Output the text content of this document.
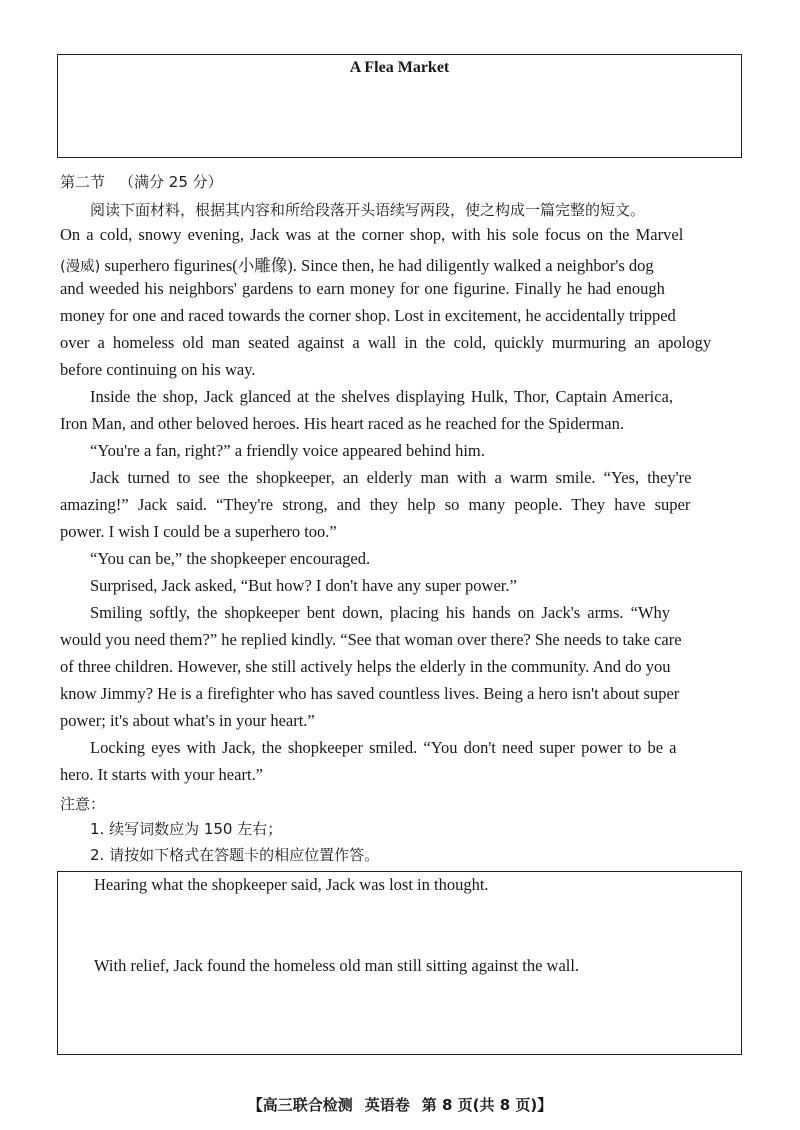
A Flea Market
第二节 （满分 25 分）
阅读下面材料，根据其内容和所给段落开头语续写两段，使之构成一篇完整的短文。
On a cold, snowy evening, Jack was at the corner shop, with his sole focus on the Marvel
(漫威) superhero figurines(小雕像). Since then, he had diligently walked a neighbor's dog
and weeded his neighbors' gardens to earn money for one figurine. Finally he had enough
money for one and raced towards the corner shop. Lost in excitement, he accidentally tripped
over a homeless old man seated against a wall in the cold, quickly murmuring an apology
before continuing on his way.
Inside the shop, Jack glanced at the shelves displaying Hulk, Thor, Captain America,
Iron Man, and other beloved heroes. His heart raced as he reached for the Spiderman.
“You're a fan, right?” a friendly voice appeared behind him.
Jack turned to see the shopkeeper, an elderly man with a warm smile. “Yes, they're
amazing!” Jack said. “They're strong, and they help so many people. They have super
power. I wish I could be a superhero too.”
“You can be,” the shopkeeper encouraged.
Surprised, Jack asked, “But how? I don't have any super power.”
Smiling softly, the shopkeeper bent down, placing his hands on Jack's arms. “Why
would you need them?” he replied kindly. “See that woman over there? She needs to take care
of three children. However, she still actively helps the elderly in the community. And do you
know Jimmy? He is a firefighter who has saved countless lives. Being a hero isn't about super
power; it's about what's in your heart.”
Locking eyes with Jack, the shopkeeper smiled. “You don't need super power to be a
hero. It starts with your heart.”
注意：
1. 续写词数应为 150 左右；
2. 请按如下格式在答题卡的相应位置作答。
Hearing what the shopkeeper said, Jack was lost in thought.
With relief, Jack found the homeless old man still sitting against the wall.
【高三联合检测 英语卷 第 8 页(共 8 页)】
